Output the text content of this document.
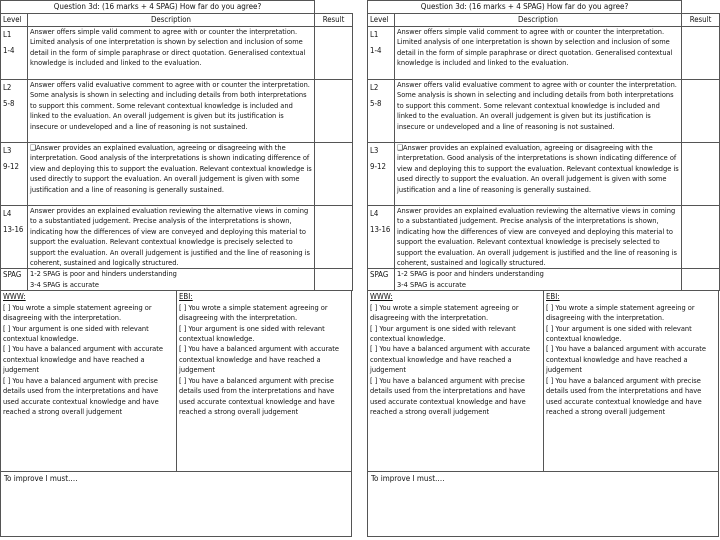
Question 3d: (16 marks + 4 SPAG) How far do you agree?		
Level	Description	Result

L1
1-4	Answer offers simple valid comment to agree with or counter the interpretation. Limited analysis of one interpretation is shown by selection and inclusion of some detail in the form of simple paraphrase or direct quotation. Generalised contextual knowledge is included and linked to the evaluation.	

L2
5-8	Answer offers valid evaluative comment to agree with or counter the interpretation. Some analysis is shown in selecting and including details from both interpretations to support this comment. Some relevant contextual knowledge is included and linked to the evaluation. An overall judgement is given but its justification is insecure or undeveloped and a line of reasoning is not sustained.	

L3
9-12	❑Answer provides an explained evaluation, agreeing or disagreeing with the interpretation. Good analysis of the interpretations is shown indicating difference of view and deploying this to support the evaluation. Relevant contextual knowledge is used directly to support the evaluation. An overall judgement is given with some justification and a line of reasoning is generally sustained.	

L4
13-16	Answer provides an explained evaluation reviewing the alternative views in coming to a substantiated judgement. Precise analysis of the interpretations is shown, indicating how the differences of view are conveyed and deploying this material to support the evaluation. Relevant contextual knowledge is precisely selected to support the evaluation. An overall judgement is justified and the line of reasoning is coherent, sustained and logically structured.	
SPAG	1-2 SPAG is poor and hinders understanding
3-4 SPAG is accurate	

WWW:
[ ] You wrote a simple statement agreeing or disagreeing with the interpretation.
[ ] Your argument is one sided with relevant contextual knowledge.
[ ] You have a balanced argument with accurate contextual knowledge and have reached a judgement
[ ] You have a balanced argument with precise details used from the interpretations and have used accurate contextual knowledge and have reached a strong overall judgement
EBI:
[ ] You wrote a simple statement agreeing or disagreeing with the interpretation.
[ ] Your argument is one sided with relevant contextual knowledge.
[ ] You have a balanced argument with accurate contextual knowledge and have reached a judgement
[ ] You have a balanced argument with precise details used from the interpretations and have used accurate contextual knowledge and have reached a strong overall judgement
To improve I must….
Question 3d: (16 marks + 4 SPAG) How far do you agree?		
Level	Description	Result

L1
1-4	Answer offers simple valid comment to agree with or counter the interpretation. Limited analysis of one interpretation is shown by selection and inclusion of some detail in the form of simple paraphrase or direct quotation. Generalised contextual knowledge is included and linked to the evaluation.	

L2
5-8	Answer offers valid evaluative comment to agree with or counter the interpretation. Some analysis is shown in selecting and including details from both interpretations to support this comment. Some relevant contextual knowledge is included and linked to the evaluation. An overall judgement is given but its justification is insecure or undeveloped and a line of reasoning is not sustained.	

L3
9-12	❑Answer provides an explained evaluation, agreeing or disagreeing with the interpretation. Good analysis of the interpretations is shown indicating difference of view and deploying this to support the evaluation. Relevant contextual knowledge is used directly to support the evaluation. An overall judgement is given with some justification and a line of reasoning is generally sustained.	

L4
13-16	Answer provides an explained evaluation reviewing the alternative views in coming to a substantiated judgement. Precise analysis of the interpretations is shown, indicating how the differences of view are conveyed and deploying this material to support the evaluation. Relevant contextual knowledge is precisely selected to support the evaluation. An overall judgement is justified and the line of reasoning is coherent, sustained and logically structured.	
SPAG	1-2 SPAG is poor and hinders understanding
3-4 SPAG is accurate	

WWW:
[ ] You wrote a simple statement agreeing or disagreeing with the interpretation.
[ ] Your argument is one sided with relevant contextual knowledge.
[ ] You have a balanced argument with accurate contextual knowledge and have reached a judgement
[ ] You have a balanced argument with precise details used from the interpretations and have used accurate contextual knowledge and have reached a strong overall judgement
EBI:
[ ] You wrote a simple statement agreeing or disagreeing with the interpretation.
[ ] Your argument is one sided with relevant contextual knowledge.
[ ] You have a balanced argument with accurate contextual knowledge and have reached a judgement
[ ] You have a balanced argument with precise details used from the interpretations and have used accurate contextual knowledge and have reached a strong overall judgement
To improve I must….
